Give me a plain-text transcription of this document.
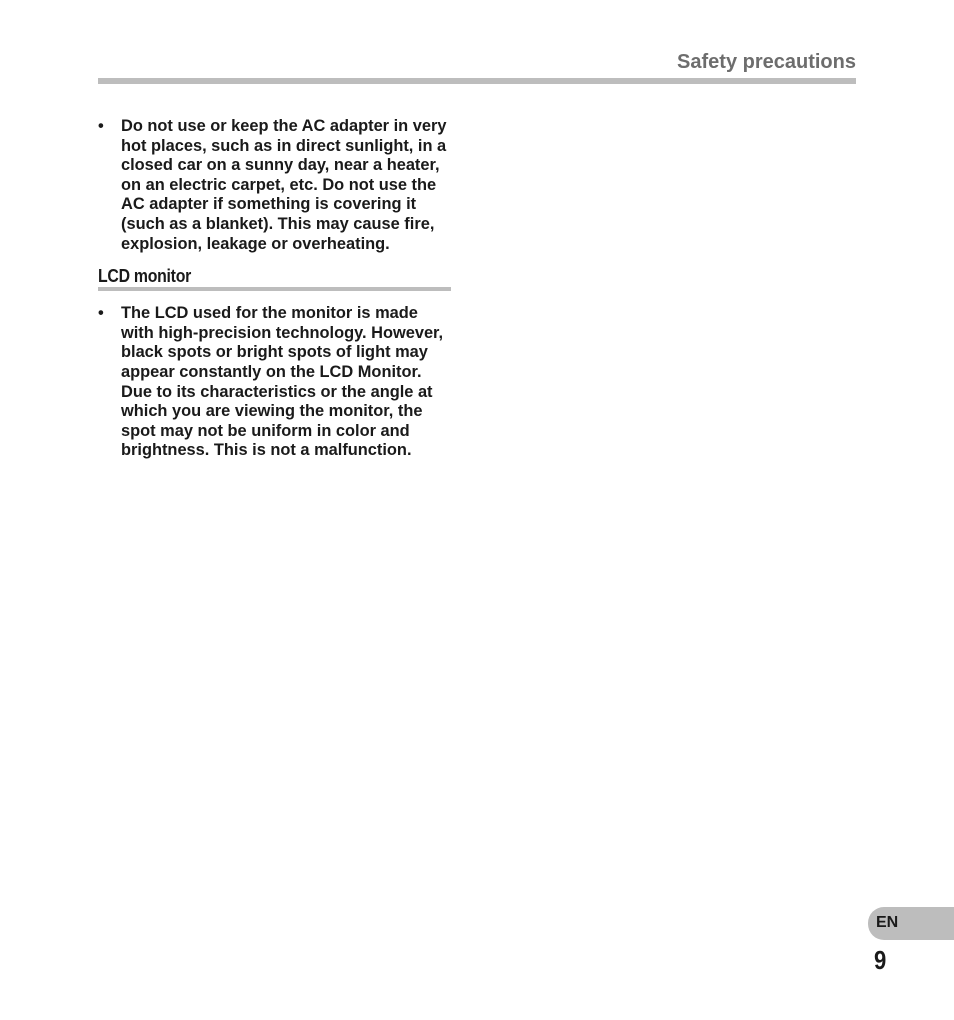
Safety precautions
• Do not use or keep the AC adapter in very hot places, such as in direct sunlight, in a closed car on a sunny day, near a heater, on an electric carpet, etc. Do not use the AC adapter if something is covering it (such as a blanket). This may cause fire, explosion, leakage or overheating.
LCD monitor
• The LCD used for the monitor is made with high-precision technology. However, black spots or bright spots of light may appear constantly on the LCD Monitor. Due to its characteristics or the angle at which you are viewing the monitor, the spot may not be uniform in color and brightness. This is not a malfunction.
EN
9
